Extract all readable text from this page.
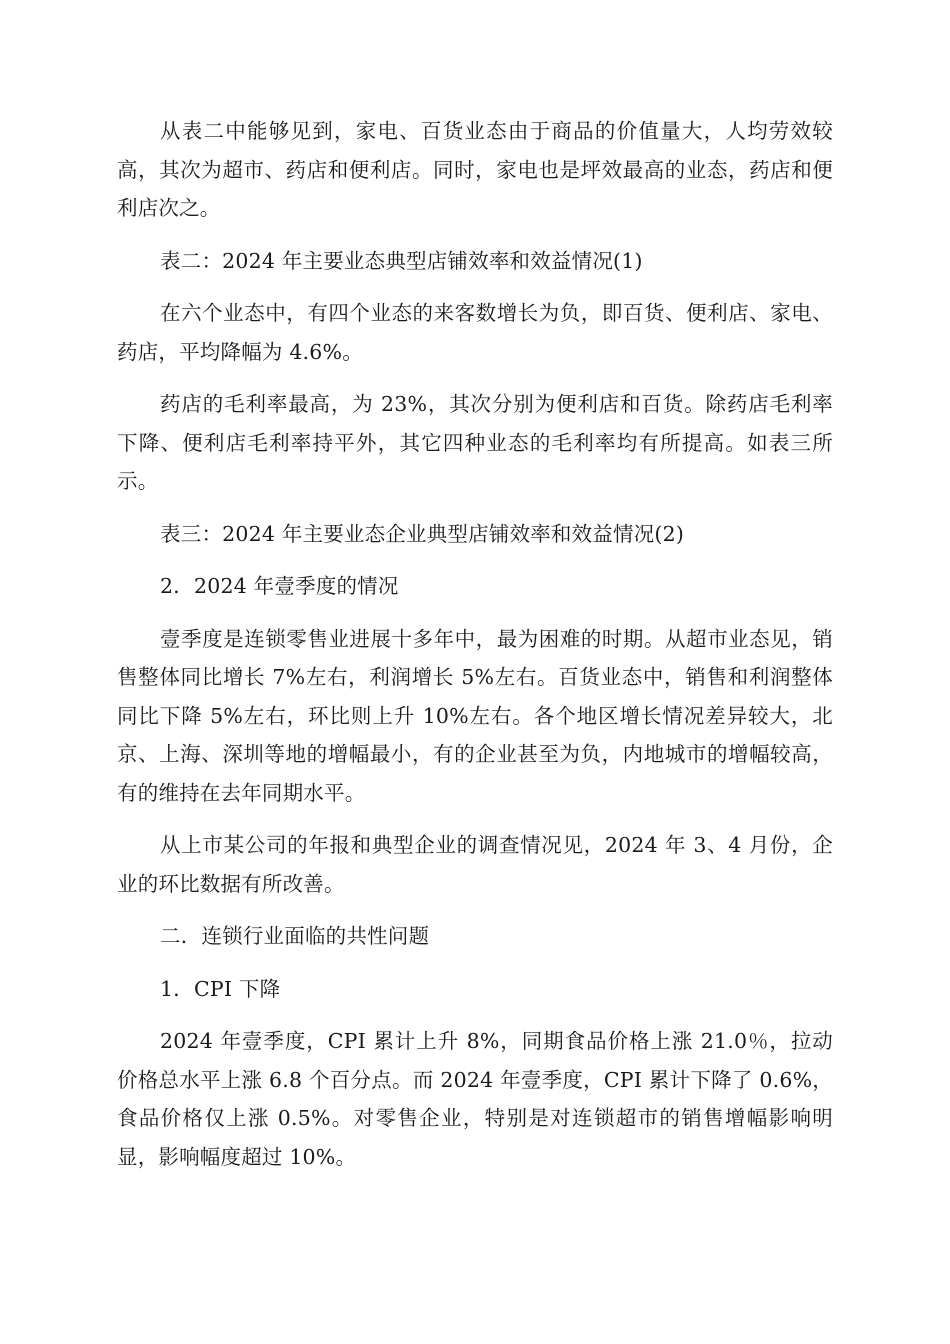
从表二中能够见到，家电、百货业态由于商品的价值量大，人均劳效较高，其次为超市、药店和便利店。同时，家电也是坪效最高的业态，药店和便利店次之。

表二：2024 年主要业态典型店铺效率和效益情况(1)

在六个业态中，有四个业态的来客数增长为负，即百货、便利店、家电、药店，平均降幅为 4.6%。

药店的毛利率最高，为 23%，其次分别为便利店和百货。除药店毛利率下降、便利店毛利率持平外，其它四种业态的毛利率均有所提高。如表三所示。

表三：2024 年主要业态企业典型店铺效率和效益情况(2)

2．2024 年壹季度的情况

壹季度是连锁零售业进展十多年中，最为困难的时期。从超市业态见，销售整体同比增长 7%左右，利润增长 5%左右。百货业态中，销售和利润整体同比下降 5%左右，环比则上升 10%左右。各个地区增长情况差异较大，北京、上海、深圳等地的增幅最小，有的企业甚至为负，内地城市的增幅较高，有的维持在去年同期水平。

从上市某公司的年报和典型企业的调查情况见，2024 年 3、4 月份，企业的环比数据有所改善。

二．连锁行业面临的共性问题

1．CPI 下降

2024 年壹季度，CPI 累计上升 8%，同期食品价格上涨 21.0％，拉动价格总水平上涨 6.8 个百分点。而 2024 年壹季度，CPI 累计下降了 0.6%，食品价格仅上涨 0.5%。对零售企业，特别是对连锁超市的销售增幅影响明显，影响幅度超过 10%。
